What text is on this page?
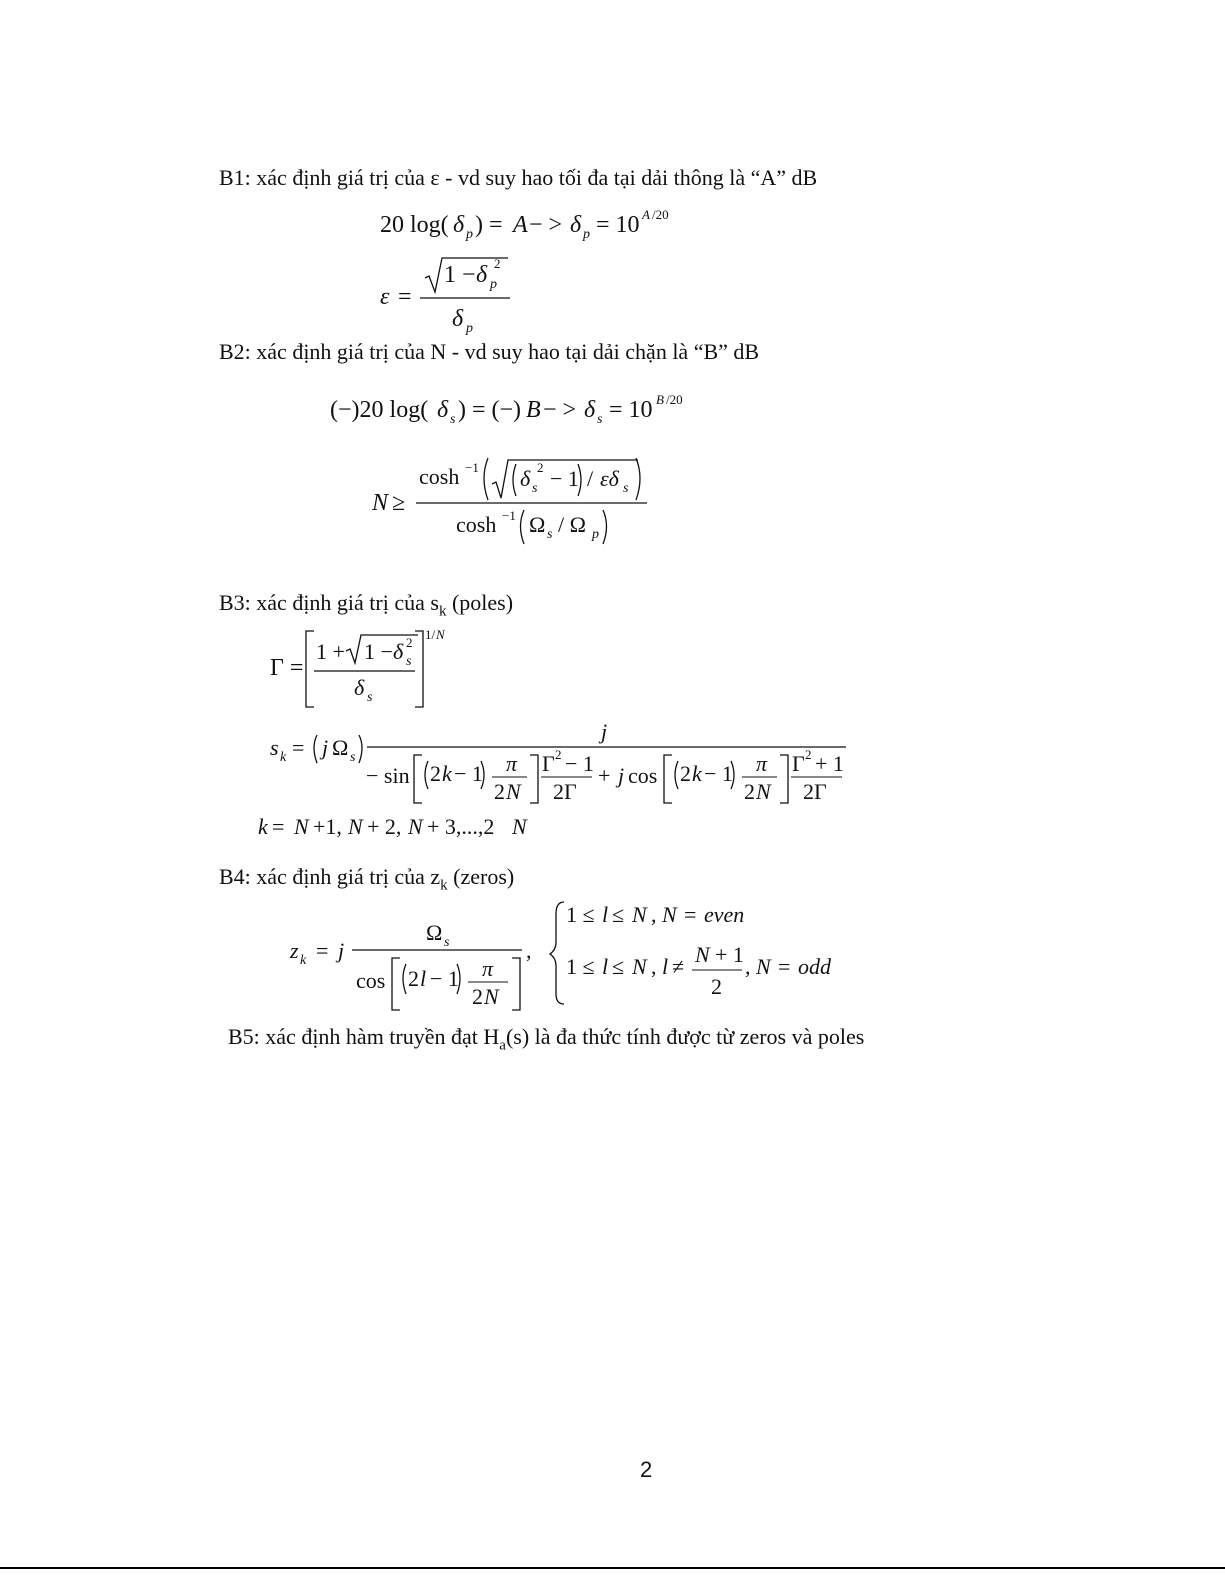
B1: xác định giá trị của ε - vd suy hao tối đa tại dải thông là “A” dB
20 log( δ p ) = A − > δ p = 10 A /20
ε =
1 − δ p
2
δ p
B2: xác định giá trị của N - vd suy hao tại dải chặn là “B” dB
(−)20 log( δ s ) = (−) B − > δ s = 10 B /20
N ≥
cosh −1 δ s
2 − 1 / εδ s
cosh −1 Ω s / Ω p
B3: xác định giá trị của $s_k$ (poles)
Γ =
1 + 1 − δ s
2
δ s
1/ N
s k = j Ω s
j
− sin 2 k − 1 π
2 N
Γ 2 − 1
2Γ
+ j cos 2 k − 1 π
2 N
Γ 2 + 1
2Γ
k = N +1, N + 2, N + 3,...,2 N
B4: xác định giá trị của $z_k$ (zeros)
z k = j
Ω s
cos 2 l − 1 π
2 N
,
1 ≤ l ≤ N , N = even
1 ≤ l ≤ N , l ≠ N + 1
2
, N = odd
B5: xác định hàm truyền đạt $H_a(s)$ là đa thức tính được từ zeros và poles
2
